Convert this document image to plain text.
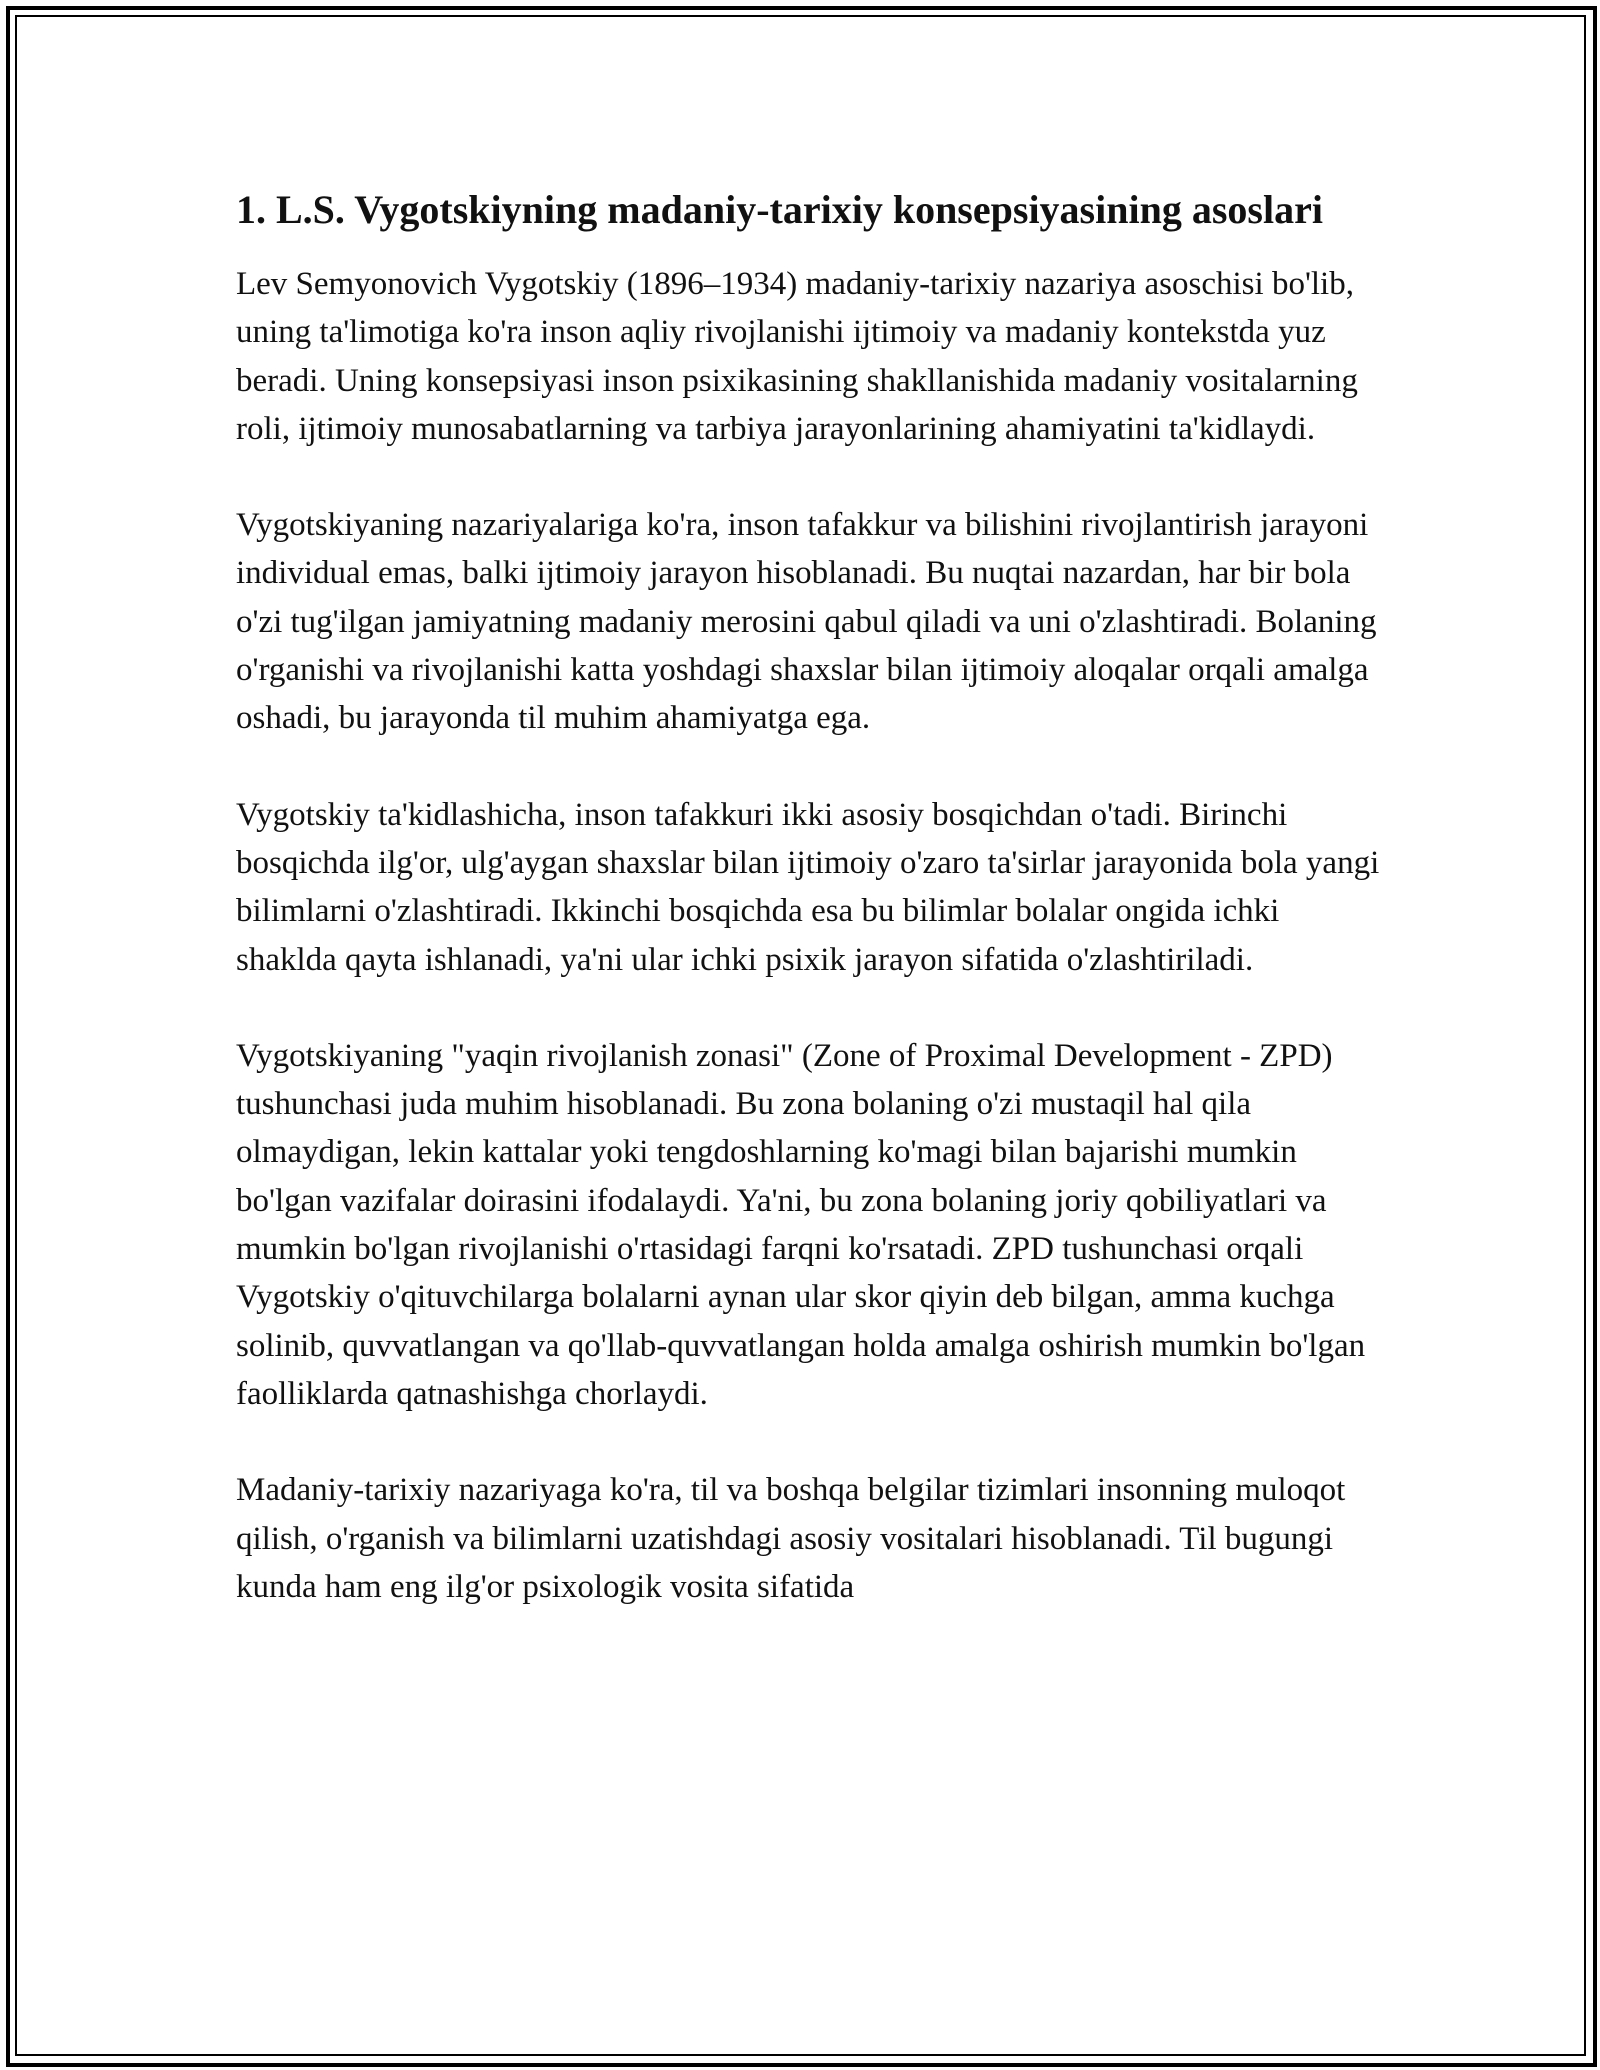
1. L.S. Vygotskiyning madaniy-tarixiy konsepsiyasining asoslari

Lev Semyonovich Vygotskiy (1896–1934) madaniy-tarixiy nazariya asoschisi bo'lib, uning ta'limotiga ko'ra inson aqliy rivojlanishi ijtimoiy va madaniy kontekstda yuz beradi. Uning konsepsiyasi inson psixikasining shakllanishida madaniy vositalarning roli, ijtimoiy munosabatlarning va tarbiya jarayonlarining ahamiyatini ta'kidlaydi.

Vygotskiyaning nazariyalariga ko'ra, inson tafakkur va bilishini rivojlantirish jarayoni individual emas, balki ijtimoiy jarayon hisoblanadi. Bu nuqtai nazardan, har bir bola o'zi tug'ilgan jamiyatning madaniy merosini qabul qiladi va uni o'zlashtiradi. Bolaning o'rganishi va rivojlanishi katta yoshdagi shaxslar bilan ijtimoiy aloqalar orqali amalga oshadi, bu jarayonda til muhim ahamiyatga ega.

Vygotskiy ta'kidlashicha, inson tafakkuri ikki asosiy bosqichdan o'tadi. Birinchi bosqichda ilg'or, ulg'aygan shaxslar bilan ijtimoiy o'zaro ta'sirlar jarayonida bola yangi bilimlarni o'zlashtiradi. Ikkinchi bosqichda esa bu bilimlar bolalar ongida ichki shaklda qayta ishlanadi, ya'ni ular ichki psixik jarayon sifatida o'zlashtiriladi.

Vygotskiyaning "yaqin rivojlanish zonasi" (Zone of Proximal Development - ZPD) tushunchasi juda muhim hisoblanadi. Bu zona bolaning o'zi mustaqil hal qila olmaydigan, lekin kattalar yoki tengdoshlarning ko'magi bilan bajarishi mumkin bo'lgan vazifalar doirasini ifodalaydi. Ya'ni, bu zona bolaning joriy qobiliyatlari va mumkin bo'lgan rivojlanishi o'rtasidagi farqni ko'rsatadi. ZPD tushunchasi orqali Vygotskiy o'qituvchilarga bolalarni aynan ular skor qiyin deb bilgan, amma kuchga solinib, quvvatlangan va qo'llab-quvvatlangan holda amalga oshirish mumkin bo'lgan faolliklarda qatnashishga chorlaydi.

Madaniy-tarixiy nazariyaga ko'ra, til va boshqa belgilar tizimlari insonning muloqot qilish, o'rganish va bilimlarni uzatishdagi asosiy vositalari hisoblanadi. Til bugungi kunda ham eng ilg'or psixologik vosita sifatida
